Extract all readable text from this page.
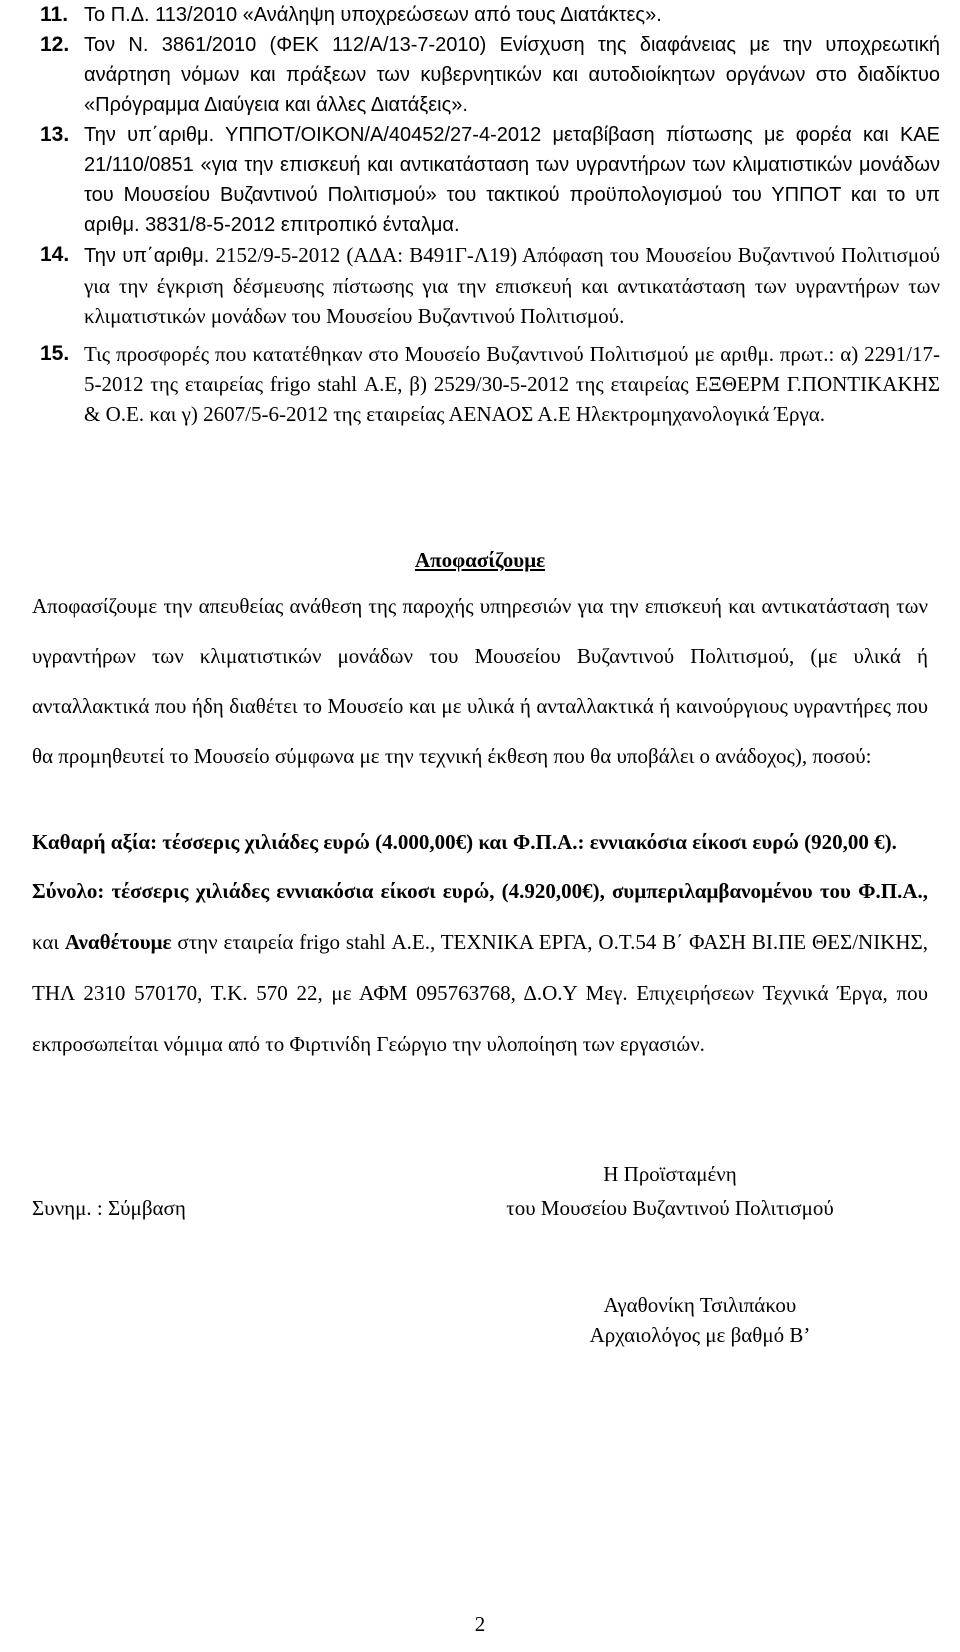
11. Το Π.Δ. 113/2010 «Ανάληψη υποχρεώσεων από τους Διατάκτες».
12. Τον Ν. 3861/2010 (ΦΕΚ 112/Α/13-7-2010) Ενίσχυση της διαφάνειας με την υποχρεωτική ανάρτηση νόμων και πράξεων των κυβερνητικών και αυτοδιοίκητων οργάνων στο διαδίκτυο «Πρόγραμμα Διαύγεια και άλλες Διατάξεις».
13. Την υπ΄αριθμ. ΥΠΠΟΤ/ΟΙΚΟΝ/Α/40452/27-4-2012 μεταβίβαση πίστωσης με φορέα και ΚΑΕ 21/110/0851 «για την επισκευή και αντικατάσταση των υγραντήρων των κλιματιστικών μονάδων του Μουσείου Βυζαντινού Πολιτισμού» του τακτικού προϋπολογισμού του ΥΠΠΟΤ και το υπ αριθμ. 3831/8-5-2012 επιτροπικό ένταλμα.
14. Την υπ΄αριθμ. 2152/9-5-2012 (ΑΔΑ: Β491Γ-Λ19) Απόφαση του Μουσείου Βυζαντινού Πολιτισμού για την έγκριση δέσμευσης πίστωσης για την επισκευή και αντικατάσταση των υγραντήρων των κλιματιστικών μονάδων του Μουσείου Βυζαντινού Πολιτισμού.
15. Τις προσφορές που κατατέθηκαν στο Μουσείο Βυζαντινού Πολιτισμού με αριθμ. πρωτ.: α) 2291/17-5-2012 της εταιρείας frigo stahl Α.Ε, β) 2529/30-5-2012 της εταιρείας ΕΞΘΕΡΜ Γ.ΠΟΝΤΙΚΑΚΗΣ & Ο.Ε. και γ) 2607/5-6-2012 της εταιρείας ΑΕΝΑΟΣ Α.Ε Ηλεκτρομηχανολογικά Έργα.
Αποφασίζουμε
Αποφασίζουμε την απευθείας ανάθεση της παροχής υπηρεσιών για την επισκευή και αντικατάσταση των υγραντήρων των κλιματιστικών μονάδων του Μουσείου Βυζαντινού Πολιτισμού, (με υλικά ή ανταλλακτικά που ήδη διαθέτει το Μουσείο και με υλικά ή ανταλλακτικά ή καινούργιους υγραντήρες που θα προμηθευτεί το Μουσείο σύμφωνα με την τεχνική έκθεση που θα υποβάλει ο ανάδοχος), ποσού:
Καθαρή αξία: τέσσερις χιλιάδες ευρώ (4.000,00€) και Φ.Π.Α.: εννιακόσια είκοσι ευρώ (920,00 €).
Σύνολο: τέσσερις χιλιάδες εννιακόσια είκοσι ευρώ, (4.920,00€), συμπεριλαμβανομένου του Φ.Π.Α., και Αναθέτουμε στην εταιρεία frigo stahl Α.Ε., ΤΕΧΝΙΚΑ ΕΡΓΑ, Ο.Τ.54 Β΄ ΦΑΣΗ ΒΙ.ΠΕ ΘΕΣ/ΝΙΚΗΣ, ΤΗΛ 2310 570170, Τ.Κ. 570 22, με ΑΦΜ 095763768, Δ.Ο.Υ Μεγ. Επιχειρήσεων Τεχνικά Έργα, που εκπροσωπείται νόμιμα από το Φιρτινίδη Γεώργιο την υλοποίηση των εργασιών.
Συνημ. : Σύμβαση
Η Προϊσταμένη
του Μουσείου Βυζαντινού Πολιτισμού
Αγαθονίκη Τσιλιπάκου
Αρχαιολόγος με βαθμό Β’
2
